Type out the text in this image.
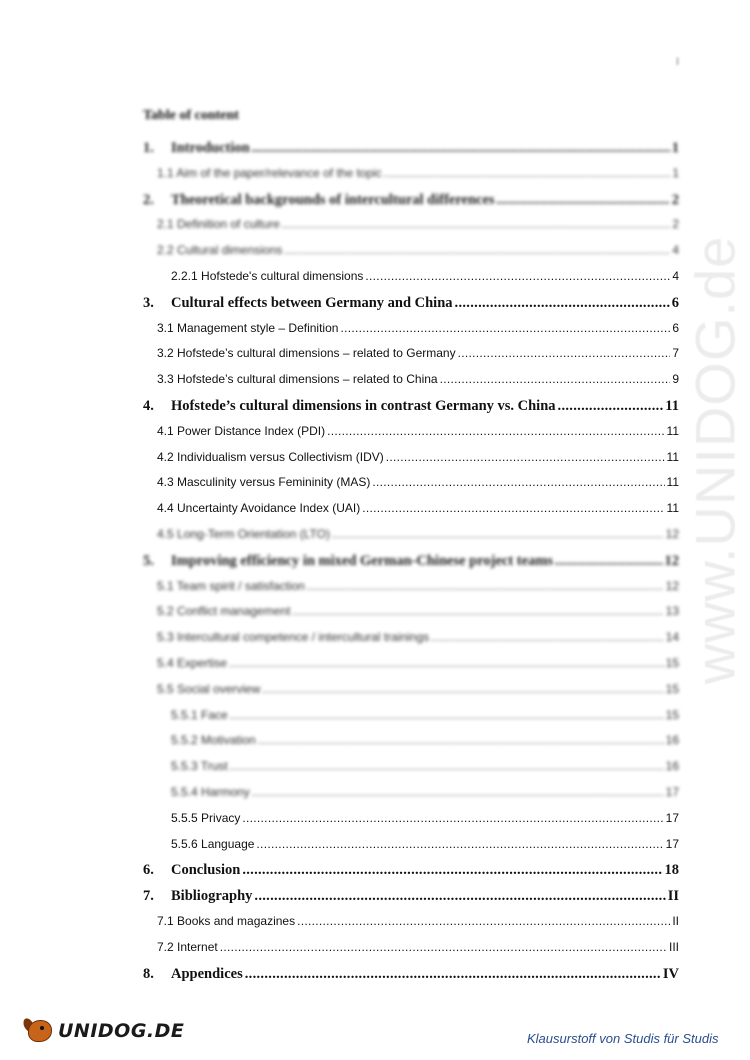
I
Table of content
1. Introduction .....	1
1.1 Aim of the paper/relevance of the topic .....	1
2. Theoretical backgrounds of intercultural differences .....	2
2.1 Definition of culture .....	2
2.2 Cultural dimensions .....	4
2.2.1 Hofstede's cultural dimensions .....	4
3. Cultural effects between Germany and China .....	6
3.1 Management style – Definition .....	6
3.2 Hofstede’s cultural dimensions – related to Germany .....	7
3.3 Hofstede’s cultural dimensions – related to China .....	9
4. Hofstede’s cultural dimensions in contrast Germany vs. China .....	11
4.1 Power Distance Index (PDI) .....	11
4.2 Individualism versus Collectivism (IDV) .....	11
4.3 Masculinity versus Femininity (MAS) .....	11
4.4 Uncertainty Avoidance Index (UAI) .....	11
4.5 Long-Term Orientation (LTO) .....	12
5. Improving efficiency in mixed German-Chinese project teams .....	12
5.1 Team spirit / satisfaction .....	12
5.2 Conflict management .....	13
5.3 Intercultural competence / intercultural trainings .....	14
5.4 Expertise .....	15
5.5 Social overview .....	15
5.5.1 Face .....	15
5.5.2 Motivation .....	16
5.5.3 Trust .....	16
5.5.4 Harmony .....	17
5.5.5 Privacy .....	17
5.5.6 Language .....	17
6. Conclusion .....	18
7. Bibliography .....	II
7.1 Books and magazines .....	II
7.2 Internet .....	III
8. Appendices .....	IV
www.UNIDOG.de
UNIDOG.DE	Klausurstoff von Studis für Studis
